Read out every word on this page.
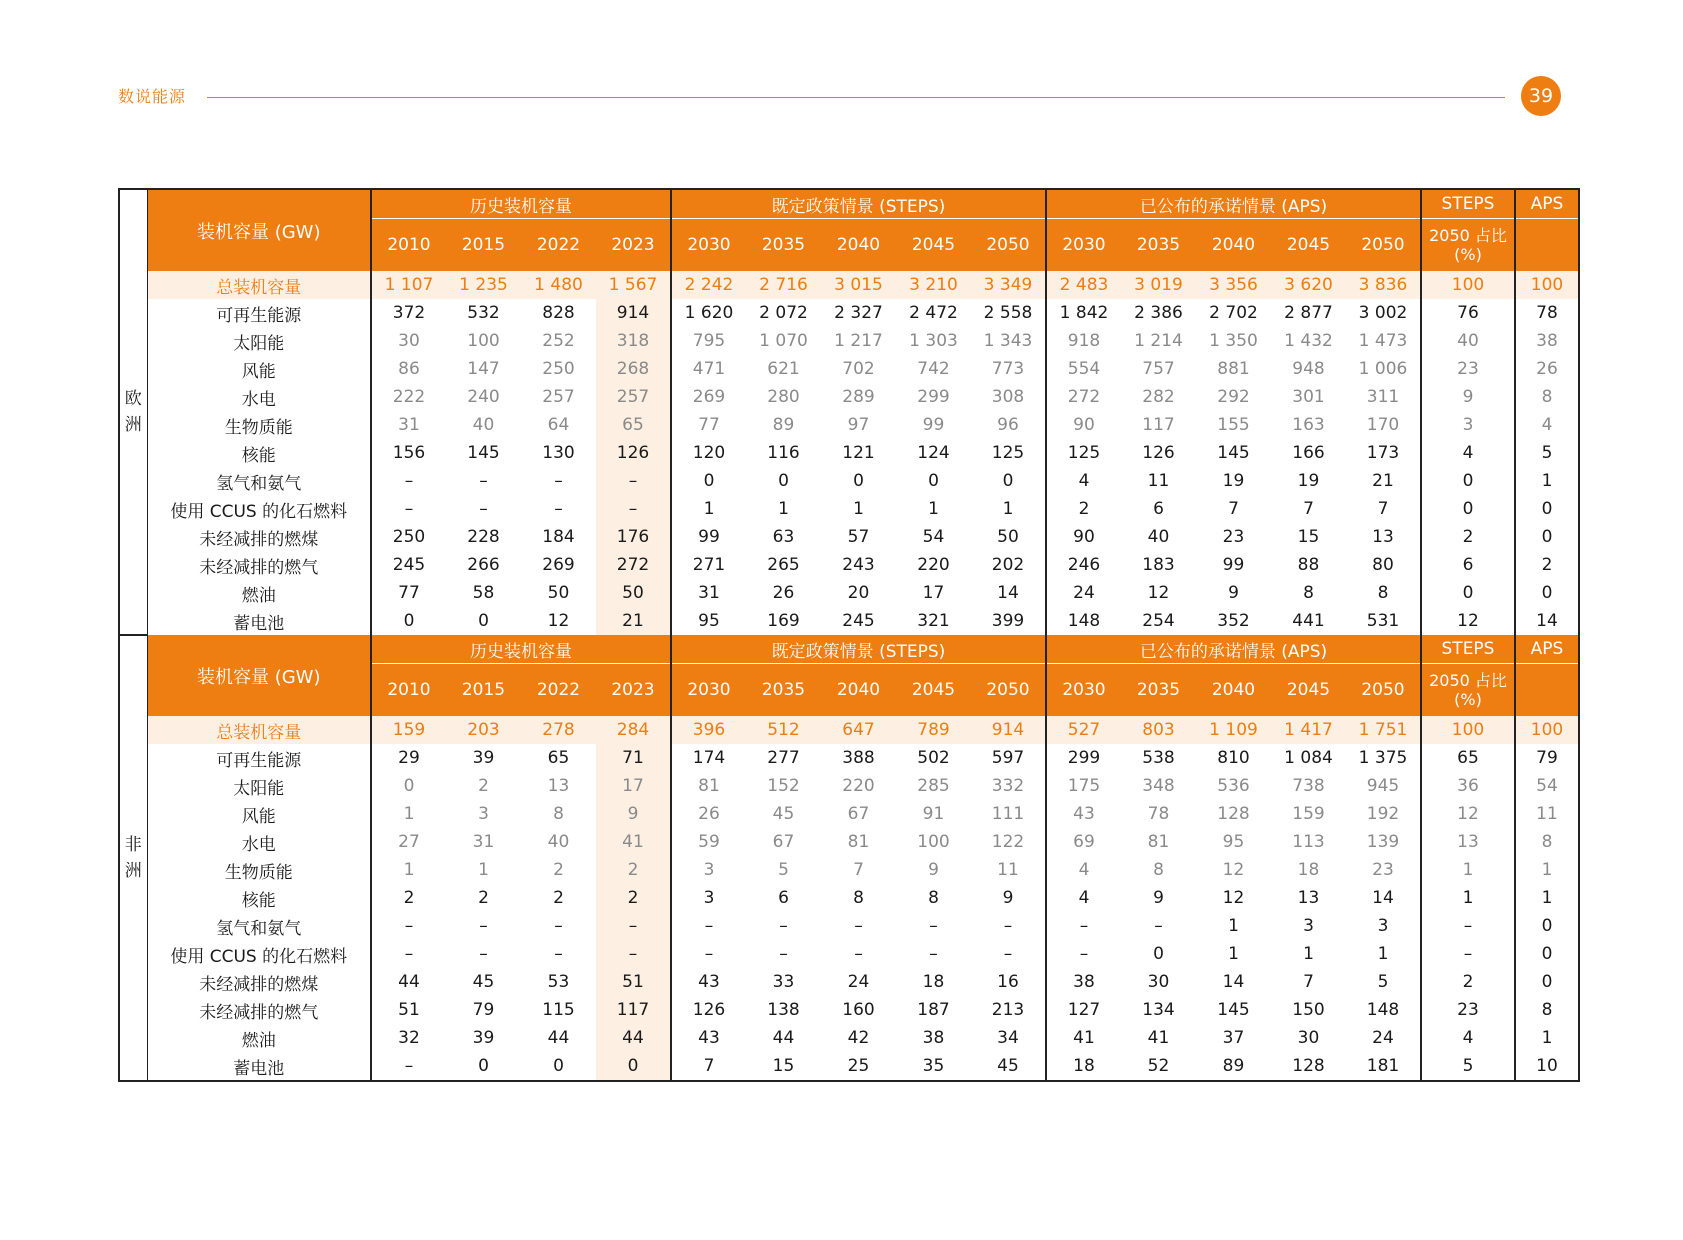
数说能源	39
欧
洲	装机容量 (GW)	历史装机容量				既定政策情景 (STEPS)					已公布的承诺情景 (APS)					STEPS	APS
		2010	2015	2022	2023	2030	2035	2040	2045	2050	2030	2035	2040	2045	2050	2050 占比
(%)	
	总装机容量	1 107	1 235	1 480	1 567	2 242	2 716	3 015	3 210	3 349	2 483	3 019	3 356	3 620	3 836	100	100
	可再生能源	372	532	828	914	1 620	2 072	2 327	2 472	2 558	1 842	2 386	2 702	2 877	3 002	76	78
	太阳能	30	100	252	318	795	1 070	1 217	1 303	1 343	918	1 214	1 350	1 432	1 473	40	38
	风能	86	147	250	268	471	621	702	742	773	554	757	881	948	1 006	23	26
	水电	222	240	257	257	269	280	289	299	308	272	282	292	301	311	9	8
	生物质能	31	40	64	65	77	89	97	99	96	90	117	155	163	170	3	4
	核能	156	145	130	126	120	116	121	124	125	125	126	145	166	173	4	5
	氢气和氨气	–	–	–	–	0	0	0	0	0	4	11	19	19	21	0	1
	使用 CCUS 的化石燃料	–	–	–	–	1	1	1	1	1	2	6	7	7	7	0	0
	未经减排的燃煤	250	228	184	176	99	63	57	54	50	90	40	23	15	13	2	0
	未经减排的燃气	245	266	269	272	271	265	243	220	202	246	183	99	88	80	6	2
	燃油	77	58	50	50	31	26	20	17	14	24	12	9	8	8	0	0
	蓄电池	0	0	12	21	95	169	245	321	399	148	254	352	441	531	12	14
非
洲	装机容量 (GW)	历史装机容量				既定政策情景 (STEPS)					已公布的承诺情景 (APS)					STEPS	APS
		2010	2015	2022	2023	2030	2035	2040	2045	2050	2030	2035	2040	2045	2050	2050 占比
(%)	
	总装机容量	159	203	278	284	396	512	647	789	914	527	803	1 109	1 417	1 751	100	100
	可再生能源	29	39	65	71	174	277	388	502	597	299	538	810	1 084	1 375	65	79
	太阳能	0	2	13	17	81	152	220	285	332	175	348	536	738	945	36	54
	风能	1	3	8	9	26	45	67	91	111	43	78	128	159	192	12	11
	水电	27	31	40	41	59	67	81	100	122	69	81	95	113	139	13	8
	生物质能	1	1	2	2	3	5	7	9	11	4	8	12	18	23	1	1
	核能	2	2	2	2	3	6	8	8	9	4	9	12	13	14	1	1
	氢气和氨气	–	–	–	–	–	–	–	–	–	–	–	1	3	3	–	0
	使用 CCUS 的化石燃料	–	–	–	–	–	–	–	–	–	–	0	1	1	1	–	0
	未经减排的燃煤	44	45	53	51	43	33	24	18	16	38	30	14	7	5	2	0
	未经减排的燃气	51	79	115	117	126	138	160	187	213	127	134	145	150	148	23	8
	燃油	32	39	44	44	43	44	42	38	34	41	41	37	30	24	4	1
	蓄电池	–	0	0	0	7	15	25	35	45	18	52	89	128	181	5	10
